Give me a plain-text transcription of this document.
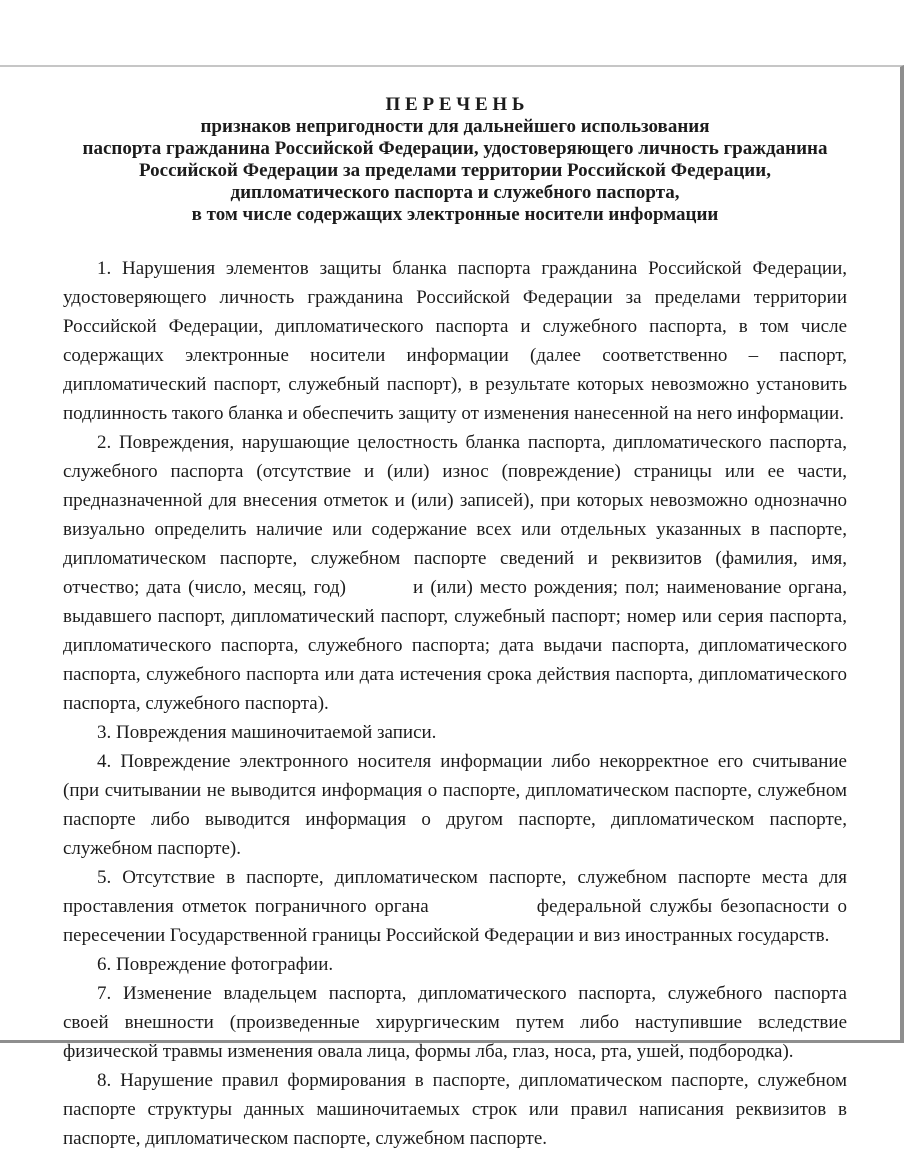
П Е Р Е Ч Е Н Ь
признаков непригодности для дальнейшего использования
паспорта гражданина Российской Федерации, удостоверяющего личность гражданина
Российской Федерации за пределами территории Российской Федерации,
дипломатического паспорта и служебного паспорта,
в том числе содержащих электронные носители информации

1. Нарушения элементов защиты бланка паспорта гражданина Российской Федерации, удостоверяющего личность гражданина Российской Федерации за пределами территории Российской Федерации, дипломатического паспорта и служебного паспорта, в том числе содержащих электронные носители информации (далее соответственно – паспорт, дипломатический паспорт, служебный паспорт), в результате которых невозможно установить подлинность такого бланка и обеспечить защиту от изменения нанесенной на него информации.

2. Повреждения, нарушающие целостность бланка паспорта, дипломатического паспорта, служебного паспорта (отсутствие и (или) износ (повреждение) страницы или ее части, предназначенной для внесения отметок и (или) записей), при которых невозможно однозначно визуально определить наличие или содержание всех или отдельных указанных в паспорте, дипломатическом паспорте, служебном паспорте сведений и реквизитов (фамилия, имя, отчество; дата (число, месяц, год)	и (или) место рождения; пол; наименование органа, выдавшего паспорт, дипломатический паспорт, служебный паспорт; номер или серия паспорта, дипломатического паспорта, служебного паспорта; дата выдачи паспорта, дипломатического паспорта, служебного паспорта или дата истечения срока действия паспорта, дипломатического паспорта, служебного паспорта).

3. Повреждения машиночитаемой записи.

4. Повреждение электронного носителя информации либо некорректное его считывание (при считывании не выводится информация о паспорте, дипломатическом паспорте, служебном паспорте либо выводится информация о другом паспорте, дипломатическом паспорте, служебном паспорте).

5. Отсутствие в паспорте, дипломатическом паспорте, служебном паспорте места для проставления отметок пограничного органа	федеральной службы безопасности о пересечении Государственной границы Российской Федерации и виз иностранных государств.

6. Повреждение фотографии.

7. Изменение владельцем паспорта, дипломатического паспорта, служебного паспорта своей внешности (произведенные хирургическим путем либо наступившие вследствие физической травмы изменения овала лица, формы лба, глаз, носа, рта, ушей, подбородка).

8. Нарушение правил формирования в паспорте, дипломатическом паспорте, служебном паспорте структуры данных машиночитаемых строк или правил написания реквизитов в паспорте, дипломатическом паспорте, служебном паспорте.
